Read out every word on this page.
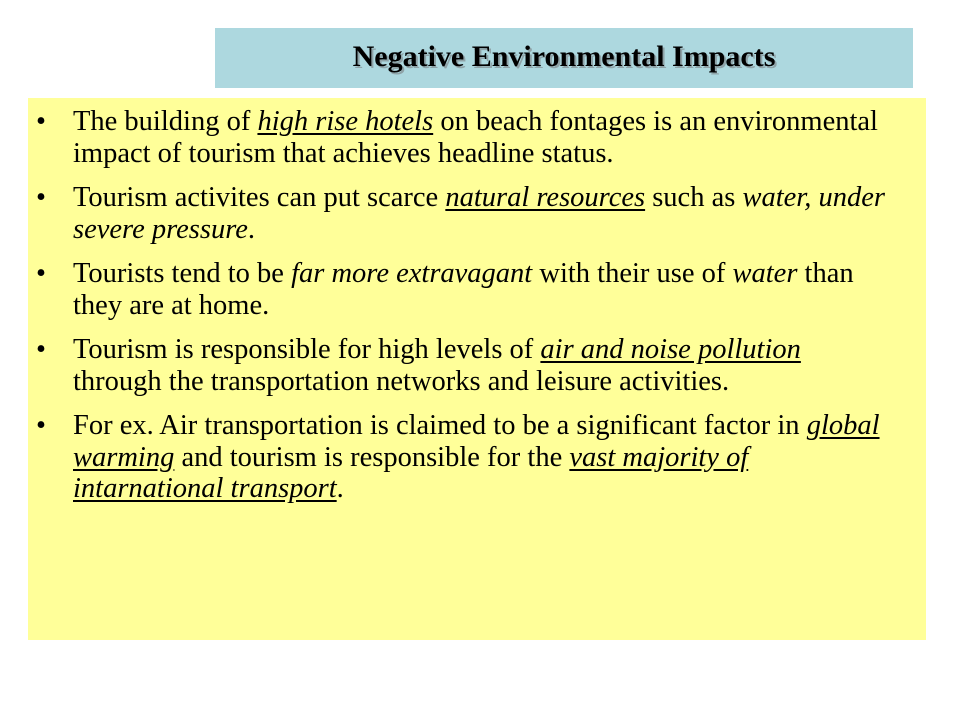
Negative Environmental Impacts
• The building of high rise hotels on beach fontages is an environmental impact of tourism that achieves headline status.
• Tourism activites can put scarce natural resources such as water, under severe pressure.
• Tourists tend to be far more extravagant with their use of water than they are at home.
• Tourism is responsible for high levels of air and noise pollution through the transportation networks and leisure activities.
• For ex. Air transportation is claimed to be a significant factor in global warming and tourism is responsible for the vast majority of intarnational transport.
